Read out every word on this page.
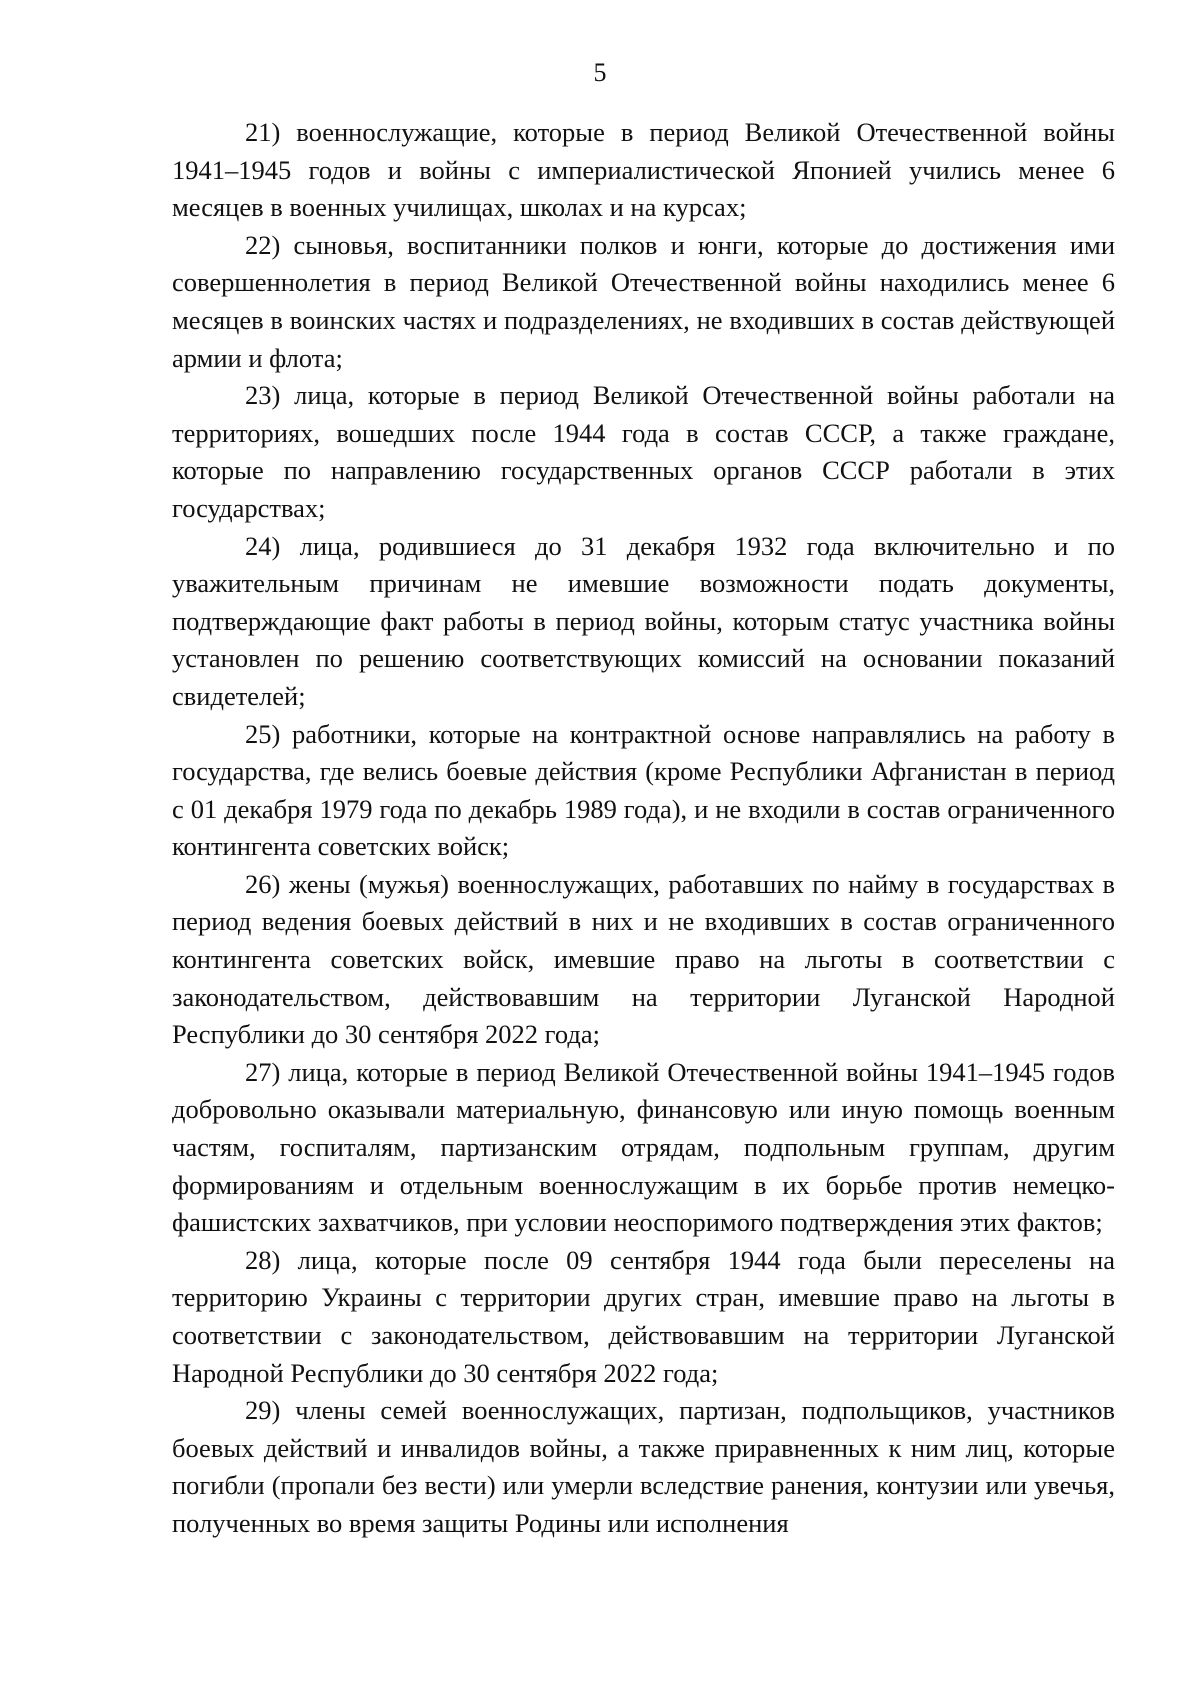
5

21) военнослужащие, которые в период Великой Отечественной войны 1941–1945 годов и войны с империалистической Японией учились менее 6 месяцев в военных училищах, школах и на курсах;

22) сыновья, воспитанники полков и юнги, которые до достижения ими совершеннолетия в период Великой Отечественной войны находились менее 6 месяцев в воинских частях и подразделениях, не входивших в состав действующей армии и флота;

23) лица, которые в период Великой Отечественной войны работали на территориях, вошедших после 1944 года в состав СССР, а также граждане, которые по направлению государственных органов СССР работали в этих государствах;

24) лица, родившиеся до 31 декабря 1932 года включительно и по уважительным причинам не имевшие возможности подать документы, подтверждающие факт работы в период войны, которым статус участника войны установлен по решению соответствующих комиссий на основании показаний свидетелей;

25) работники, которые на контрактной основе направлялись на работу в государства, где велись боевые действия (кроме Республики Афганистан в период с 01 декабря 1979 года по декабрь 1989 года), и не входили в состав ограниченного контингента советских войск;

26) жены (мужья) военнослужащих, работавших по найму в государствах в период ведения боевых действий в них и не входивших в состав ограниченного контингента советских войск, имевшие право на льготы в соответствии с законодательством, действовавшим на территории Луганской Народной Республики до 30 сентября 2022 года;

27) лица, которые в период Великой Отечественной войны 1941–1945 годов добровольно оказывали материальную, финансовую или иную помощь военным частям, госпиталям, партизанским отрядам, подпольным группам, другим формированиям и отдельным военнослужащим в их борьбе против немецко-фашистских захватчиков, при условии неоспоримого подтверждения этих фактов;

28) лица, которые после 09 сентября 1944 года были переселены на территорию Украины с территории других стран, имевшие право на льготы в соответствии с законодательством, действовавшим на территории Луганской Народной Республики до 30 сентября 2022 года;

29) члены семей военнослужащих, партизан, подпольщиков, участников боевых действий и инвалидов войны, а также приравненных к ним лиц, которые погибли (пропали без вести) или умерли вследствие ранения, контузии или увечья, полученных во время защиты Родины или исполнения
